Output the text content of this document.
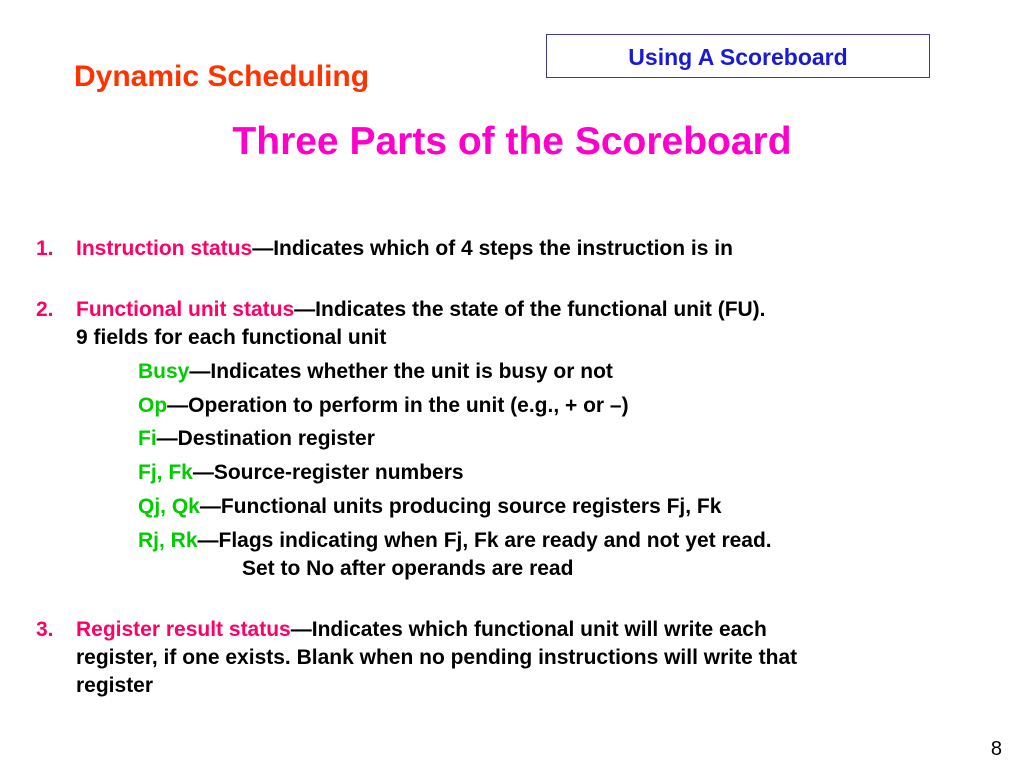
Dynamic Scheduling
Using A Scoreboard
Three Parts of the Scoreboard
1. Instruction status—Indicates which of 4 steps the instruction is in
2. Functional unit status—Indicates the state of the functional unit (FU).
9 fields for each functional unit
Busy—Indicates whether the unit is busy or not
Op—Operation to perform in the unit (e.g., + or –)
Fi—Destination register
Fj, Fk—Source-register numbers
Qj, Qk—Functional units producing source registers Fj, Fk
Rj, Rk—Flags indicating when Fj, Fk are ready and not yet read.
Set to No after operands are read
3. Register result status—Indicates which functional unit will write each
register, if one exists. Blank when no pending instructions will write that
register
8
